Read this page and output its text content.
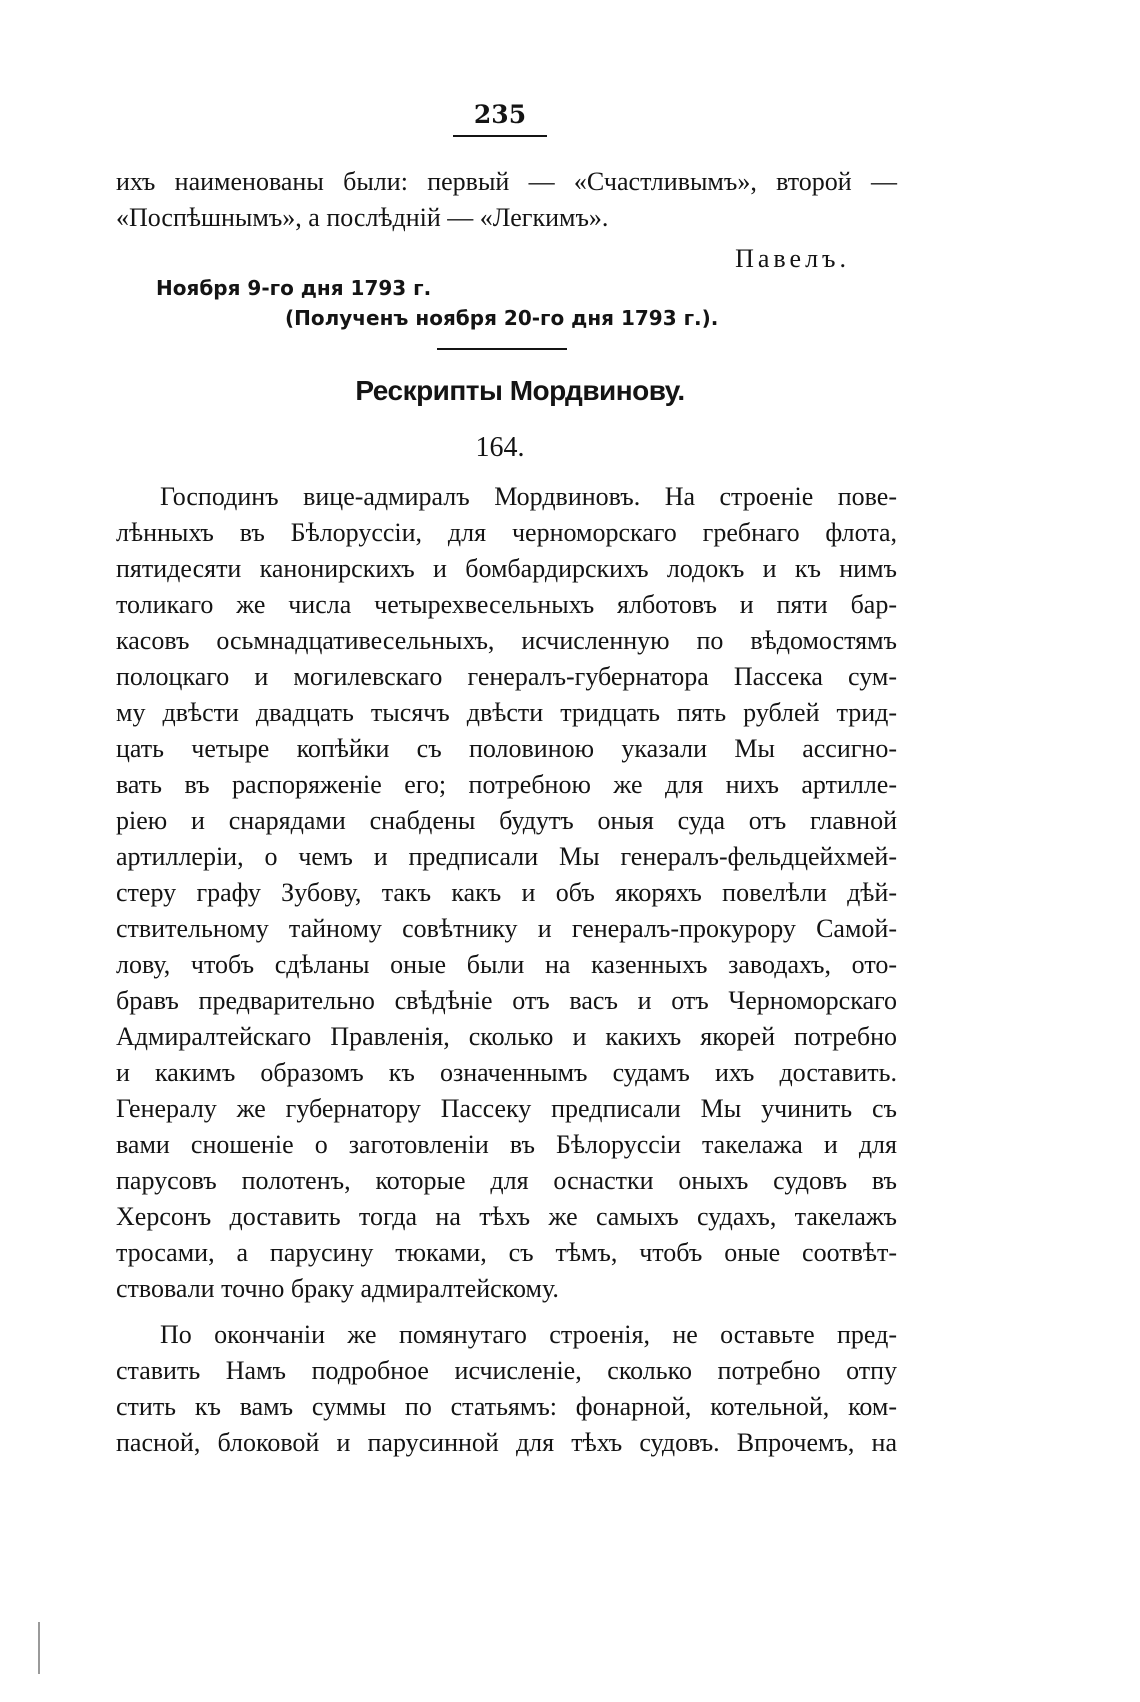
235
ихъ наименованы были: первый — «Счастливымъ», второй —
«Поспѣшнымъ», а послѣдній — «Легкимъ».
Павелъ.
Ноября 9-го дня 1793 г.
(Полученъ ноября 20-го дня 1793 г.).
Рескрипты Мордвинову.
164.
Господинъ вице-адмиралъ Мордвиновъ. На строеніе пове-
лѣнныхъ въ Бѣлоруссіи, для черноморскаго гребнаго флота,
пятидесяти канонирскихъ и бомбардирскихъ лодокъ и къ нимъ
толикаго же числа четырехвесельныхъ ялботовъ и пяти бар-
касовъ осьмнадцативесельныхъ, исчисленную по вѣдомостямъ
полоцкаго и могилевскаго генералъ-губернатора Пассека сум-
му двѣсти двадцать тысячъ двѣсти тридцать пять рублей трид-
цать четыре копѣйки съ половиною указали Мы ассигно-
вать въ распоряженіе его; потребною же для нихъ артилле-
ріею и снарядами снабдены будутъ оныя суда отъ главной
артиллеріи, о чемъ и предписали Мы генералъ-фельдцейхмей-
стеру графу Зубову, такъ какъ и объ якоряхъ повелѣли дѣй-
ствительному тайному совѣтнику и генералъ-прокурору Самой-
лову, чтобъ сдѣланы оные были на казенныхъ заводахъ, ото-
бравъ предварительно свѣдѣніе отъ васъ и отъ Черноморскаго
Адмиралтейскаго Правленія, сколько и какихъ якорей потребно
и какимъ образомъ къ означеннымъ судамъ ихъ доставить.
Генералу же губернатору Пассеку предписали Мы учинить съ
вами сношеніе о заготовленіи въ Бѣлоруссіи такелажа и для
парусовъ полотенъ, которые для оснастки оныхъ судовъ въ
Херсонъ доставить тогда на тѣхъ же самыхъ судахъ, такелажъ
тросами, а парусину тюками, съ тѣмъ, чтобъ оные соотвѣт-
ствовали точно браку адмиралтейскому.
По окончаніи же помянутаго строенія, не оставьте пред-
ставить Намъ подробное исчисленіе, сколько потребно отпу
стить къ вамъ суммы по статьямъ: фонарной, котельной, ком-
пасной, блоковой и парусинной для тѣхъ судовъ. Впрочемъ, на
